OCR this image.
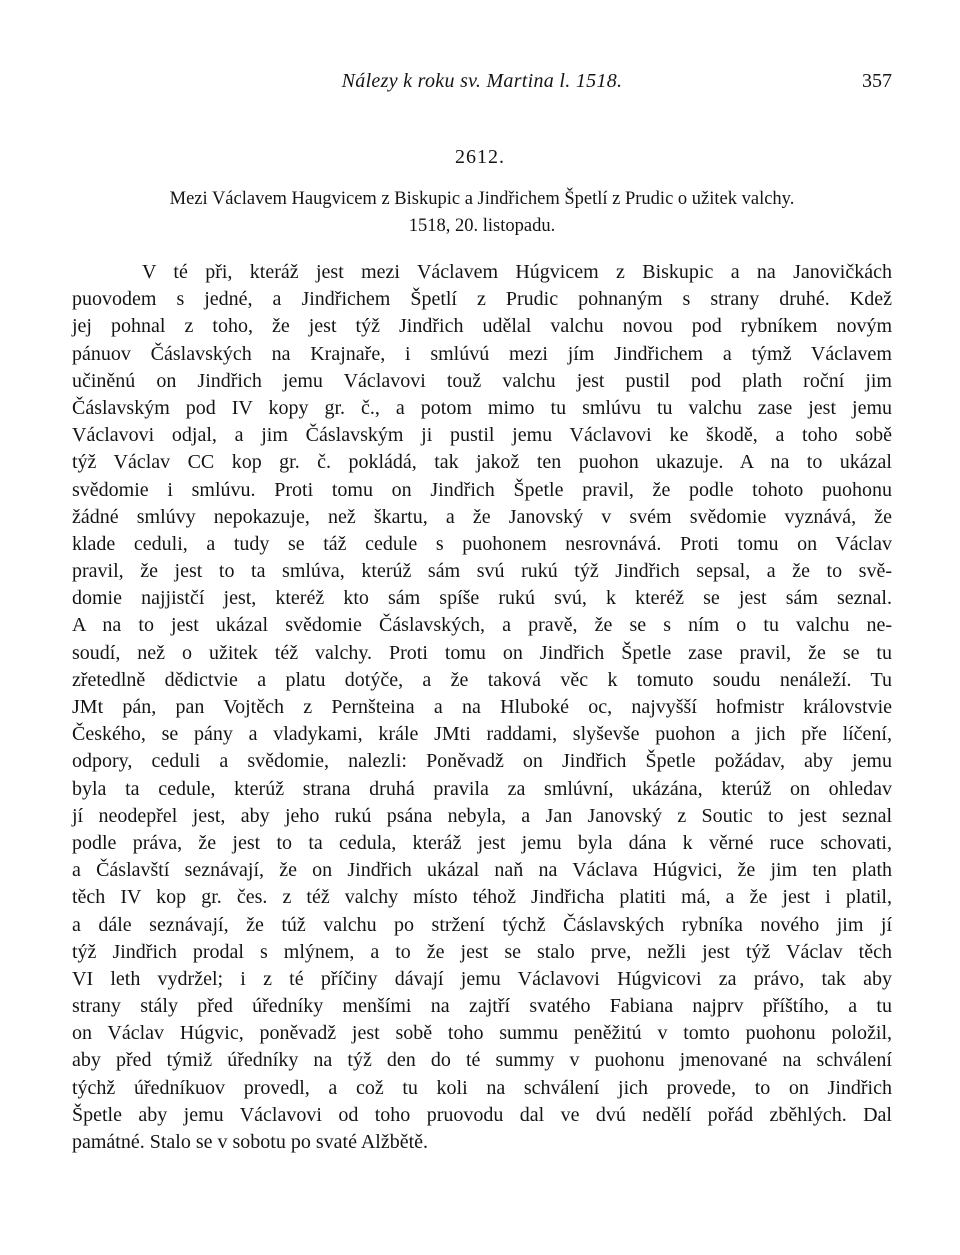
Nálezy k roku sv. Martina l. 1518.	357
2612.
Mezi Václavem Haugvicem z Biskupic a Jindřichem Špetlí z Prudic o užitek valchy.
1518, 20. listopadu.
V té při, kteráž jest mezi Václavem Húgvicem z Biskupic a na Janovičkách
puovodem s jedné, a Jindřichem Špetlí z Prudic pohnaným s strany druhé. Kdež
jej pohnal z toho, že jest týž Jindřich udělal valchu novou pod rybníkem novým
pánuov Čáslavských na Krajnaře, i smlúvú mezi jím Jindřichem a týmž Václavem
učiněnú on Jindřich jemu Václavovi touž valchu jest pustil pod plath roční jim
Čáslavským pod IV kopy gr. č., a potom mimo tu smlúvu tu valchu zase jest jemu
Václavovi odjal, a jim Čáslavským ji pustil jemu Václavovi ke škodě, a toho sobě
týž Václav CC kop gr. č. pokládá, tak jakož ten puohon ukazuje. A na to ukázal
svědomie i smlúvu. Proti tomu on Jindřich Špetle pravil, že podle tohoto puohonu
žádné smlúvy nepokazuje, než škartu, a že Janovský v svém svědomie vyznává, že
klade ceduli, a tudy se táž cedule s puohonem nesrovnává. Proti tomu on Václav
pravil, že jest to ta smlúva, kterúž sám svú rukú týž Jindřich sepsal, a že to svě-
domie najjistčí jest, kteréž kto sám spíše rukú svú, k kteréž se jest sám seznal.
A na to jest ukázal svědomie Čáslavských, a pravě, že se s ním o tu valchu ne-
soudí, než o užitek též valchy. Proti tomu on Jindřich Špetle zase pravil, že se tu
zřetedlně dědictvie a platu dotýče, a že taková věc k tomuto soudu nenáleží. Tu
JMt pán, pan Vojtěch z Pernšteina a na Hluboké oc, najvyšší hofmistr královstvie
Českého, se pány a vladykami, krále JMti raddami, slyševše puohon a jich pře líčení,
odpory, ceduli a svědomie, nalezli: Poněvadž on Jindřich Špetle požádav, aby jemu
byla ta cedule, kterúž strana druhá pravila za smlúvní, ukázána, kterúž on ohledav
jí neodepřel jest, aby jeho rukú psána nebyla, a Jan Janovský z Soutic to jest seznal
podle práva, že jest to ta cedula, kteráž jest jemu byla dána k věrné ruce schovati,
a Čáslavští seznávají, že on Jindřich ukázal naň na Václava Húgvici, že jim ten plath
těch IV kop gr. čes. z též valchy místo téhož Jindřicha platiti má, a že jest i platil,
a dále seznávají, že túž valchu po stržení týchž Čáslavských rybníka nového jim jí
týž Jindřich prodal s mlýnem, a to že jest se stalo prve, nežli jest týž Václav těch
VI leth vydržel; i z té příčiny dávají jemu Václavovi Húgvicovi za právo, tak aby
strany stály před úředníky menšími na zajtří svatého Fabiana najprv příštího, a tu
on Václav Húgvic, poněvadž jest sobě toho summu peněžitú v tomto puohonu položil,
aby před týmiž úředníky na týž den do té summy v puohonu jmenované na schválení
týchž úředníkuov provedl, a což tu koli na schválení jich provede, to on Jindřich
Špetle aby jemu Václavovi od toho pruovodu dal ve dvú nedělí pořád zběhlých. Dal
památné. Stalo se v sobotu po svaté Alžbětě.
